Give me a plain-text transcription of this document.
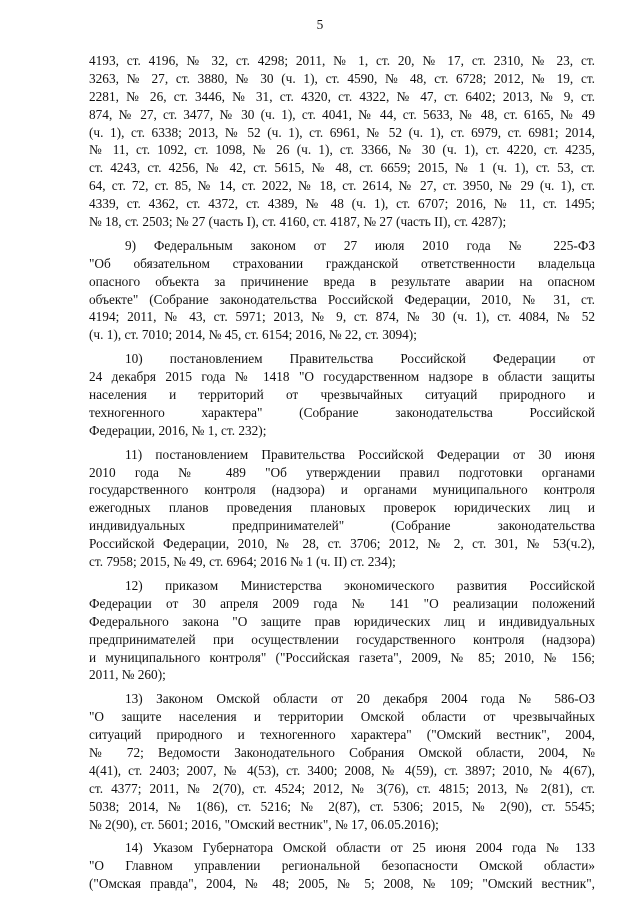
5
4193, ст. 4196, № 32, ст. 4298; 2011, № 1, ст. 20, № 17, ст. 2310, № 23, ст.
3263, № 27, ст. 3880, № 30 (ч. 1), ст. 4590, № 48, ст. 6728; 2012, № 19, ст.
2281, № 26, ст. 3446, № 31, ст. 4320, ст. 4322, № 47, ст. 6402; 2013, № 9, ст.
874, № 27, ст. 3477, № 30 (ч. 1), ст. 4041, № 44, ст. 5633, № 48, ст. 6165, № 49
(ч. 1), ст. 6338; 2013, № 52 (ч. 1), ст. 6961, № 52 (ч. 1), ст. 6979, ст. 6981; 2014,
№ 11, ст. 1092, ст. 1098, № 26 (ч. 1), ст. 3366, № 30 (ч. 1), ст. 4220, ст. 4235,
ст. 4243, ст. 4256, № 42, ст. 5615, № 48, ст. 6659; 2015, № 1 (ч. 1), ст. 53, ст.
64, ст. 72, ст. 85, № 14, ст. 2022, № 18, ст. 2614, № 27, ст. 3950, № 29 (ч. 1), ст.
4339, ст. 4362, ст. 4372, ст. 4389, № 48 (ч. 1), ст. 6707; 2016, № 11, ст. 1495;
№ 18, ст. 2503; № 27 (часть I), ст. 4160, ст. 4187, № 27 (часть II), ст. 4287);
9) Федеральным законом от 27 июля 2010 года № 225-ФЗ
"Об обязательном страховании гражданской ответственности владельца
опасного объекта за причинение вреда в результате аварии на опасном
объекте" (Собрание законодательства Российской Федерации, 2010, № 31, ст.
4194; 2011, № 43, ст. 5971; 2013, № 9, ст. 874, № 30 (ч. 1), ст. 4084, № 52
(ч. 1), ст. 7010; 2014, № 45, ст. 6154; 2016, № 22, ст. 3094);
10) постановлением Правительства Российской Федерации от
24 декабря 2015 года № 1418 "О государственном надзоре в области защиты
населения и территорий от чрезвычайных ситуаций природного и
техногенного характера" (Собрание законодательства Российской
Федерации, 2016, № 1, ст. 232);
11) постановлением Правительства Российской Федерации от 30 июня
2010 года № 489 "Об утверждении правил подготовки органами
государственного контроля (надзора) и органами муниципального контроля
ежегодных планов проведения плановых проверок юридических лиц и
индивидуальных предпринимателей" (Собрание законодательства
Российской Федерации, 2010, № 28, ст. 3706; 2012, № 2, ст. 301, № 53(ч.2),
ст. 7958; 2015, № 49, ст. 6964; 2016 № 1 (ч. II) ст. 234);
12) приказом Министерства экономического развития Российской
Федерации от 30 апреля 2009 года № 141 "О реализации положений
Федерального закона "О защите прав юридических лиц и индивидуальных
предпринимателей при осуществлении государственного контроля (надзора)
и муниципального контроля" ("Российская газета", 2009, № 85; 2010, № 156;
2011, № 260);
13) Законом Омской области от 20 декабря 2004 года № 586-ОЗ
"О защите населения и территории Омской области от чрезвычайных
ситуаций природного и техногенного характера" ("Омский вестник", 2004,
№ 72; Ведомости Законодательного Собрания Омской области, 2004, №
4(41), ст. 2403; 2007, № 4(53), ст. 3400; 2008, № 4(59), ст. 3897; 2010, № 4(67),
ст. 4377; 2011, № 2(70), ст. 4524; 2012, № 3(76), ст. 4815; 2013, № 2(81), ст.
5038; 2014, № 1(86), ст. 5216; № 2(87), ст. 5306; 2015, № 2(90), ст. 5545;
№ 2(90), ст. 5601; 2016, "Омский вестник", № 17, 06.05.2016);
14) Указом Губернатора Омской области от 25 июня 2004 года № 133
"О Главном управлении региональной безопасности Омской области»
("Омская правда", 2004, № 48; 2005, № 5; 2008, № 109; "Омский вестник",
